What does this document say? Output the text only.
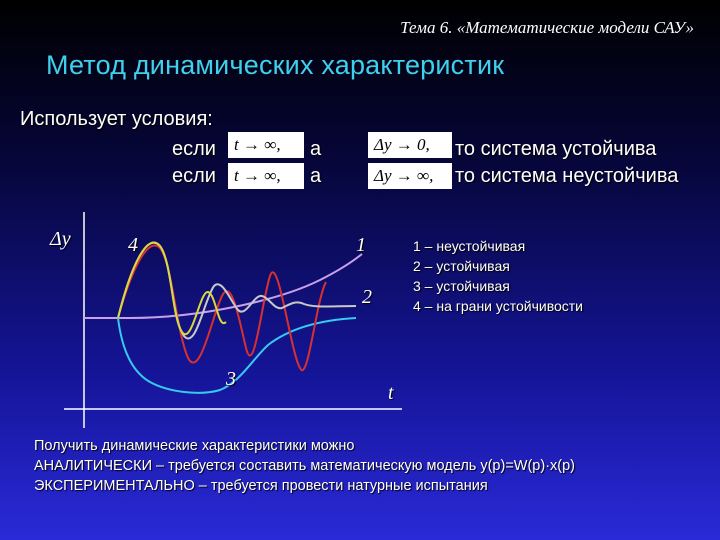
Тема 6. «Математические модели САУ»
Метод динамических характеристик
Использует условия:
если	t → ∞,	а	Δy → 0,	то система устойчива
если	t → ∞,	а	Δy → ∞,	то система неустойчива
Δy
t
1
2
3
4	1 – неустойчивая
2 – устойчивая
3 – устойчивая
4 – на грани устойчивости
Получить динамические характеристики можно
АНАЛИТИЧЕСКИ – требуется составить математическую модель y(p)=W(p)·x(p)
ЭКСПЕРИМЕНТАЛЬНО – требуется провести натурные испытания
